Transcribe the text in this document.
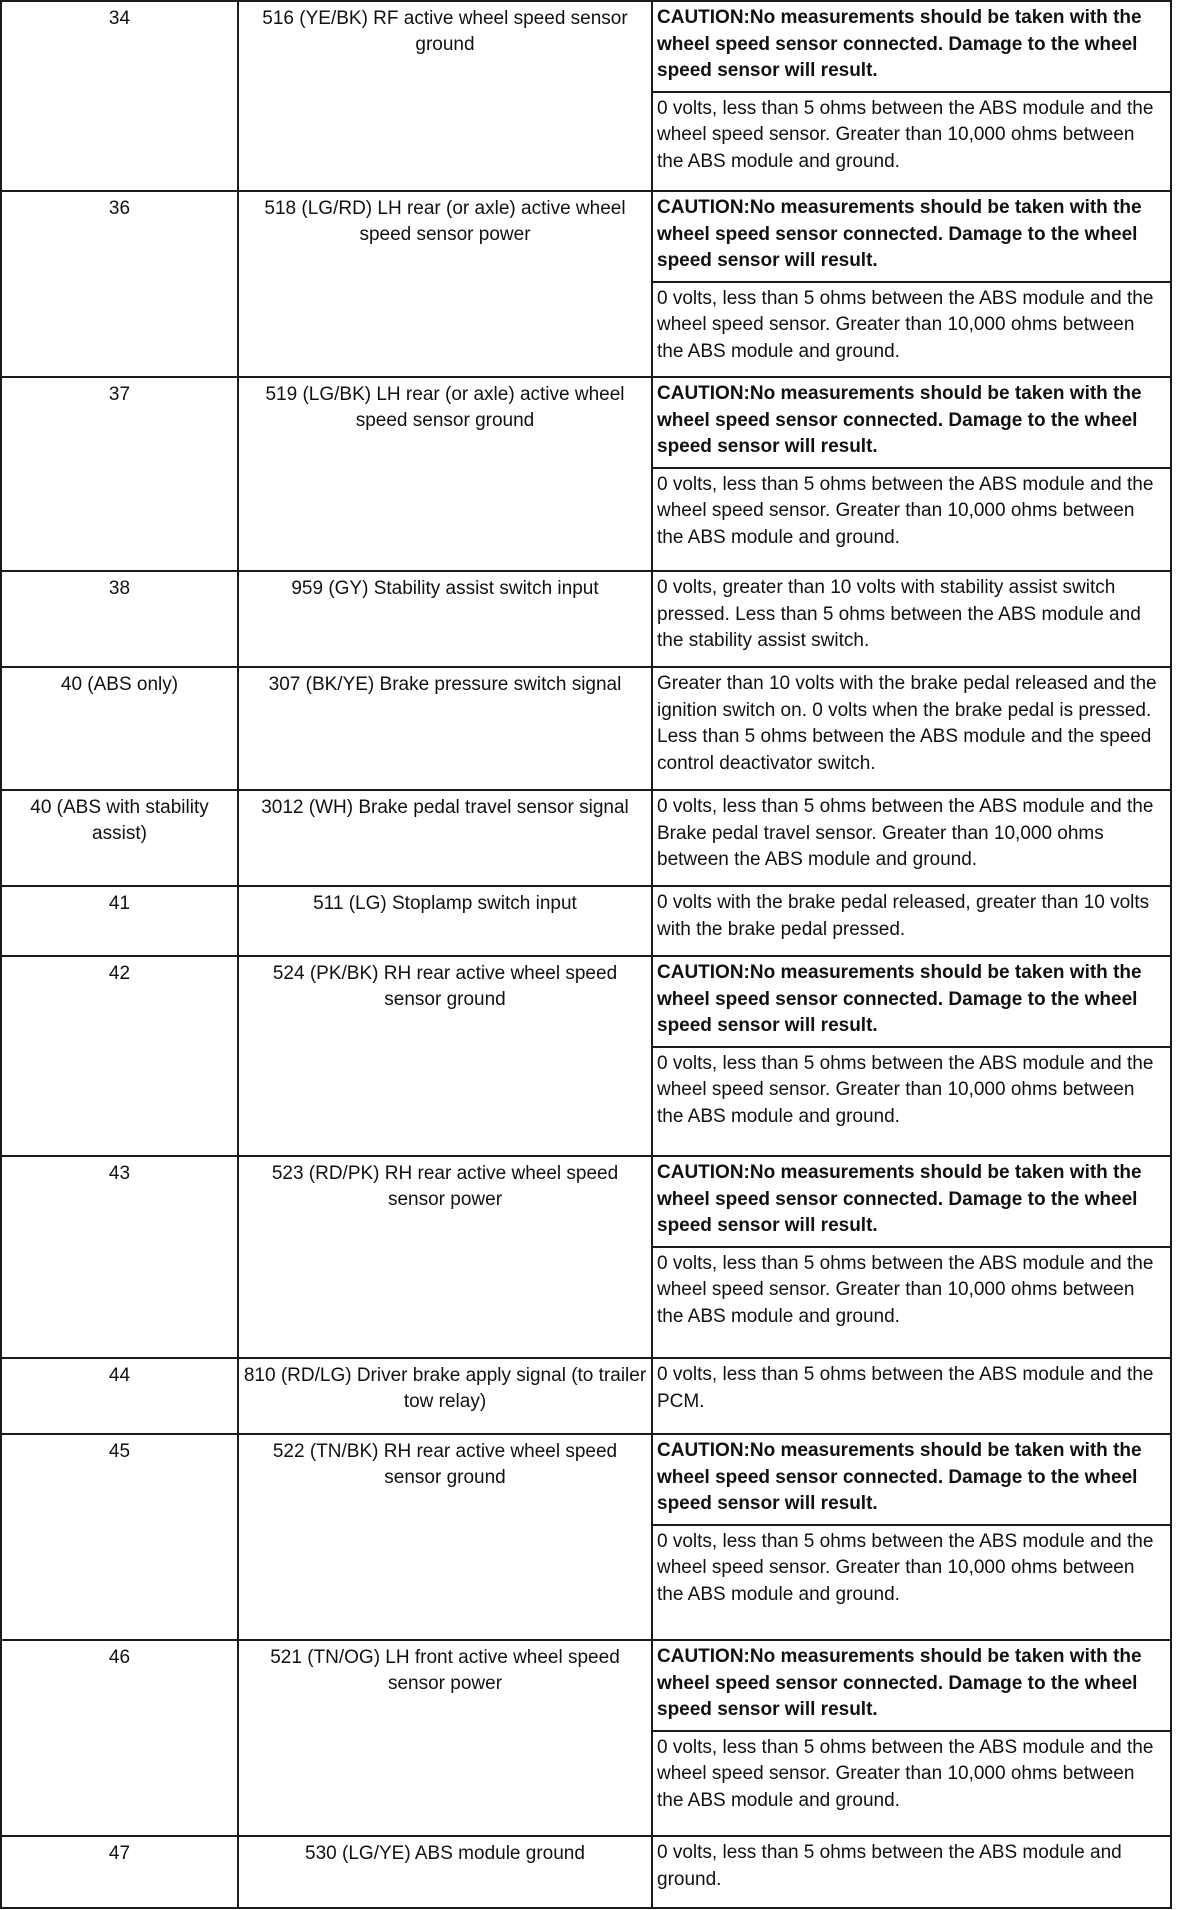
34	516 (YE/BK) RF active wheel speed sensor ground	CAUTION:No measurements should be taken with the wheel speed sensor connected. Damage to the wheel speed sensor will result.
0 volts, less than 5 ohms between the ABS module and the wheel speed sensor. Greater than 10,000 ohms between the ABS module and ground.

36	518 (LG/RD) LH rear (or axle) active wheel speed sensor power	CAUTION:No measurements should be taken with the wheel speed sensor connected. Damage to the wheel speed sensor will result.
0 volts, less than 5 ohms between the ABS module and the wheel speed sensor. Greater than 10,000 ohms between the ABS module and ground.

37	519 (LG/BK) LH rear (or axle) active wheel speed sensor ground	CAUTION:No measurements should be taken with the wheel speed sensor connected. Damage to the wheel speed sensor will result.
0 volts, less than 5 ohms between the ABS module and the wheel speed sensor. Greater than 10,000 ohms between the ABS module and ground.

38	959 (GY) Stability assist switch input	0 volts, greater than 10 volts with stability assist switch pressed. Less than 5 ohms between the ABS module and the stability assist switch.

40 (ABS only)	307 (BK/YE) Brake pressure switch signal	Greater than 10 volts with the brake pedal released and the ignition switch on. 0 volts when the brake pedal is pressed. Less than 5 ohms between the ABS module and the speed control deactivator switch.

40 (ABS with stability assist)	3012 (WH) Brake pedal travel sensor signal	0 volts, less than 5 ohms between the ABS module and the Brake pedal travel sensor. Greater than 10,000 ohms between the ABS module and ground.

41	511 (LG) Stoplamp switch input	0 volts with the brake pedal released, greater than 10 volts with the brake pedal pressed.

42	524 (PK/BK) RH rear active wheel speed sensor ground	CAUTION:No measurements should be taken with the wheel speed sensor connected. Damage to the wheel speed sensor will result.
0 volts, less than 5 ohms between the ABS module and the wheel speed sensor. Greater than 10,000 ohms between the ABS module and ground.

43	523 (RD/PK) RH rear active wheel speed sensor power	CAUTION:No measurements should be taken with the wheel speed sensor connected. Damage to the wheel speed sensor will result.
0 volts, less than 5 ohms between the ABS module and the wheel speed sensor. Greater than 10,000 ohms between the ABS module and ground.

44	810 (RD/LG) Driver brake apply signal (to trailer tow relay)	0 volts, less than 5 ohms between the ABS module and the PCM.

45	522 (TN/BK) RH rear active wheel speed sensor ground	CAUTION:No measurements should be taken with the wheel speed sensor connected. Damage to the wheel speed sensor will result.
0 volts, less than 5 ohms between the ABS module and the wheel speed sensor. Greater than 10,000 ohms between the ABS module and ground.

46	521 (TN/OG) LH front active wheel speed sensor power	CAUTION:No measurements should be taken with the wheel speed sensor connected. Damage to the wheel speed sensor will result.
0 volts, less than 5 ohms between the ABS module and the wheel speed sensor. Greater than 10,000 ohms between the ABS module and ground.

47	530 (LG/YE) ABS module ground	0 volts, less than 5 ohms between the ABS module and ground.
